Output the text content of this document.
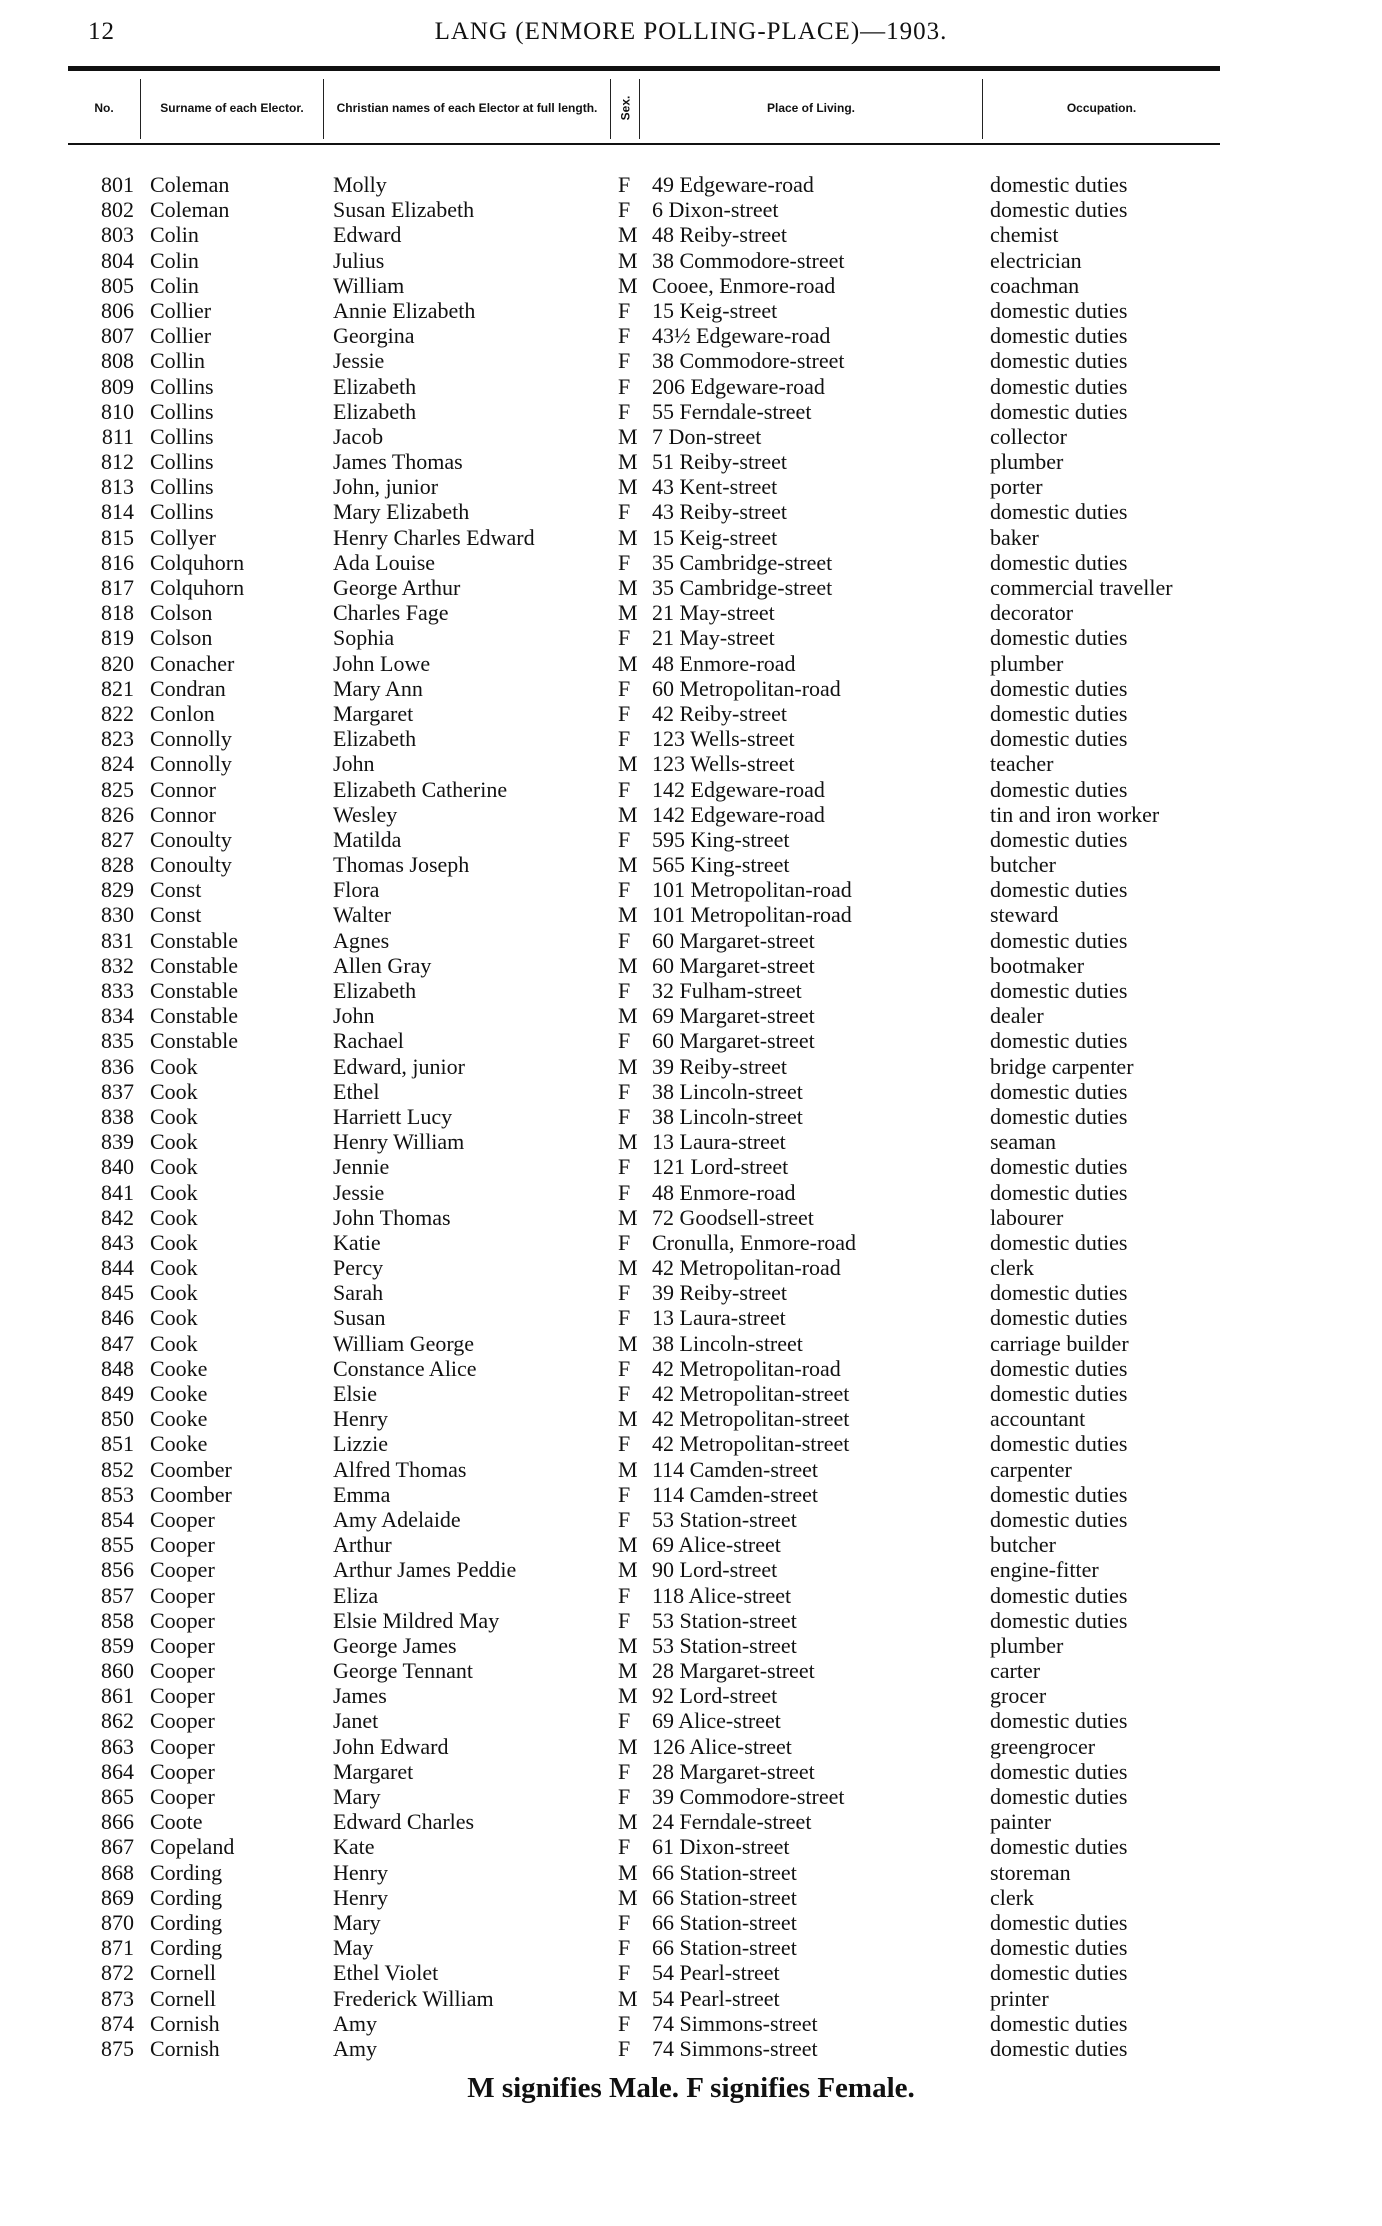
12	LANG (ENMORE POLLING-PLACE)—1903.
No.	Surname of each Elector.	Christian names of each Elector at full length.	Sex.	Place of Living.	Occupation.
801 Coleman	Molly	F 49 Edgeware-road	domestic duties
802 Coleman	Susan Elizabeth	F 6 Dixon-street	domestic duties
803 Colin	Edward	M 48 Reiby-street	chemist
804 Colin	Julius	M 38 Commodore-street	electrician
805 Colin	William	M Cooee, Enmore-road	coachman
806 Collier	Annie Elizabeth	F 15 Keig-street	domestic duties
807 Collier	Georgina	F 43½ Edgeware-road	domestic duties
808 Collin	Jessie	F 38 Commodore-street	domestic duties
809 Collins	Elizabeth	F 206 Edgeware-road	domestic duties
810 Collins	Elizabeth	F 55 Ferndale-street	domestic duties
811 Collins	Jacob	M 7 Don-street	collector
812 Collins	James Thomas	M 51 Reiby-street	plumber
813 Collins	John, junior	M 43 Kent-street	porter
814 Collins	Mary Elizabeth	F 43 Reiby-street	domestic duties
815 Collyer	Henry Charles Edward	M 15 Keig-street	baker
816 Colquhorn	Ada Louise	F 35 Cambridge-street	domestic duties
817 Colquhorn	George Arthur	M 35 Cambridge-street	commercial traveller
818 Colson	Charles Fage	M 21 May-street	decorator
819 Colson	Sophia	F 21 May-street	domestic duties
820 Conacher	John Lowe	M 48 Enmore-road	plumber
821 Condran	Mary Ann	F 60 Metropolitan-road	domestic duties
822 Conlon	Margaret	F 42 Reiby-street	domestic duties
823 Connolly	Elizabeth	F 123 Wells-street	domestic duties
824 Connolly	John	M 123 Wells-street	teacher
825 Connor	Elizabeth Catherine	F 142 Edgeware-road	domestic duties
826 Connor	Wesley	M 142 Edgeware-road	tin and iron worker
827 Conoulty	Matilda	F 595 King-street	domestic duties
828 Conoulty	Thomas Joseph	M 565 King-street	butcher
829 Const	Flora	F 101 Metropolitan-road	domestic duties
830 Const	Walter	M 101 Metropolitan-road	steward
831 Constable	Agnes	F 60 Margaret-street	domestic duties
832 Constable	Allen Gray	M 60 Margaret-street	bootmaker
833 Constable	Elizabeth	F 32 Fulham-street	domestic duties
834 Constable	John	M 69 Margaret-street	dealer
835 Constable	Rachael	F 60 Margaret-street	domestic duties
836 Cook	Edward, junior	M 39 Reiby-street	bridge carpenter
837 Cook	Ethel	F 38 Lincoln-street	domestic duties
838 Cook	Harriett Lucy	F 38 Lincoln-street	domestic duties
839 Cook	Henry William	M 13 Laura-street	seaman
840 Cook	Jennie	F 121 Lord-street	domestic duties
841 Cook	Jessie	F 48 Enmore-road	domestic duties
842 Cook	John Thomas	M 72 Goodsell-street	labourer
843 Cook	Katie	F Cronulla, Enmore-road	domestic duties
844 Cook	Percy	M 42 Metropolitan-road	clerk
845 Cook	Sarah	F 39 Reiby-street	domestic duties
846 Cook	Susan	F 13 Laura-street	domestic duties
847 Cook	William George	M 38 Lincoln-street	carriage builder
848 Cooke	Constance Alice	F 42 Metropolitan-road	domestic duties
849 Cooke	Elsie	F 42 Metropolitan-street	domestic duties
850 Cooke	Henry	M 42 Metropolitan-street	accountant
851 Cooke	Lizzie	F 42 Metropolitan-street	domestic duties
852 Coomber	Alfred Thomas	M 114 Camden-street	carpenter
853 Coomber	Emma	F 114 Camden-street	domestic duties
854 Cooper	Amy Adelaide	F 53 Station-street	domestic duties
855 Cooper	Arthur	M 69 Alice-street	butcher
856 Cooper	Arthur James Peddie	M 90 Lord-street	engine-fitter
857 Cooper	Eliza	F 118 Alice-street	domestic duties
858 Cooper	Elsie Mildred May	F 53 Station-street	domestic duties
859 Cooper	George James	M 53 Station-street	plumber
860 Cooper	George Tennant	M 28 Margaret-street	carter
861 Cooper	James	M 92 Lord-street	grocer
862 Cooper	Janet	F 69 Alice-street	domestic duties
863 Cooper	John Edward	M 126 Alice-street	greengrocer
864 Cooper	Margaret	F 28 Margaret-street	domestic duties
865 Cooper	Mary	F 39 Commodore-street	domestic duties
866 Coote	Edward Charles	M 24 Ferndale-street	painter
867 Copeland	Kate	F 61 Dixon-street	domestic duties
868 Cording	Henry	M 66 Station-street	storeman
869 Cording	Henry	M 66 Station-street	clerk
870 Cording	Mary	F 66 Station-street	domestic duties
871 Cording	May	F 66 Station-street	domestic duties
872 Cornell	Ethel Violet	F 54 Pearl-street	domestic duties
873 Cornell	Frederick William	M 54 Pearl-street	printer
874 Cornish	Amy	F 74 Simmons-street	domestic duties
875 Cornish	Amy	F 74 Simmons-street	domestic duties
M signifies Male. F signifies Female.
